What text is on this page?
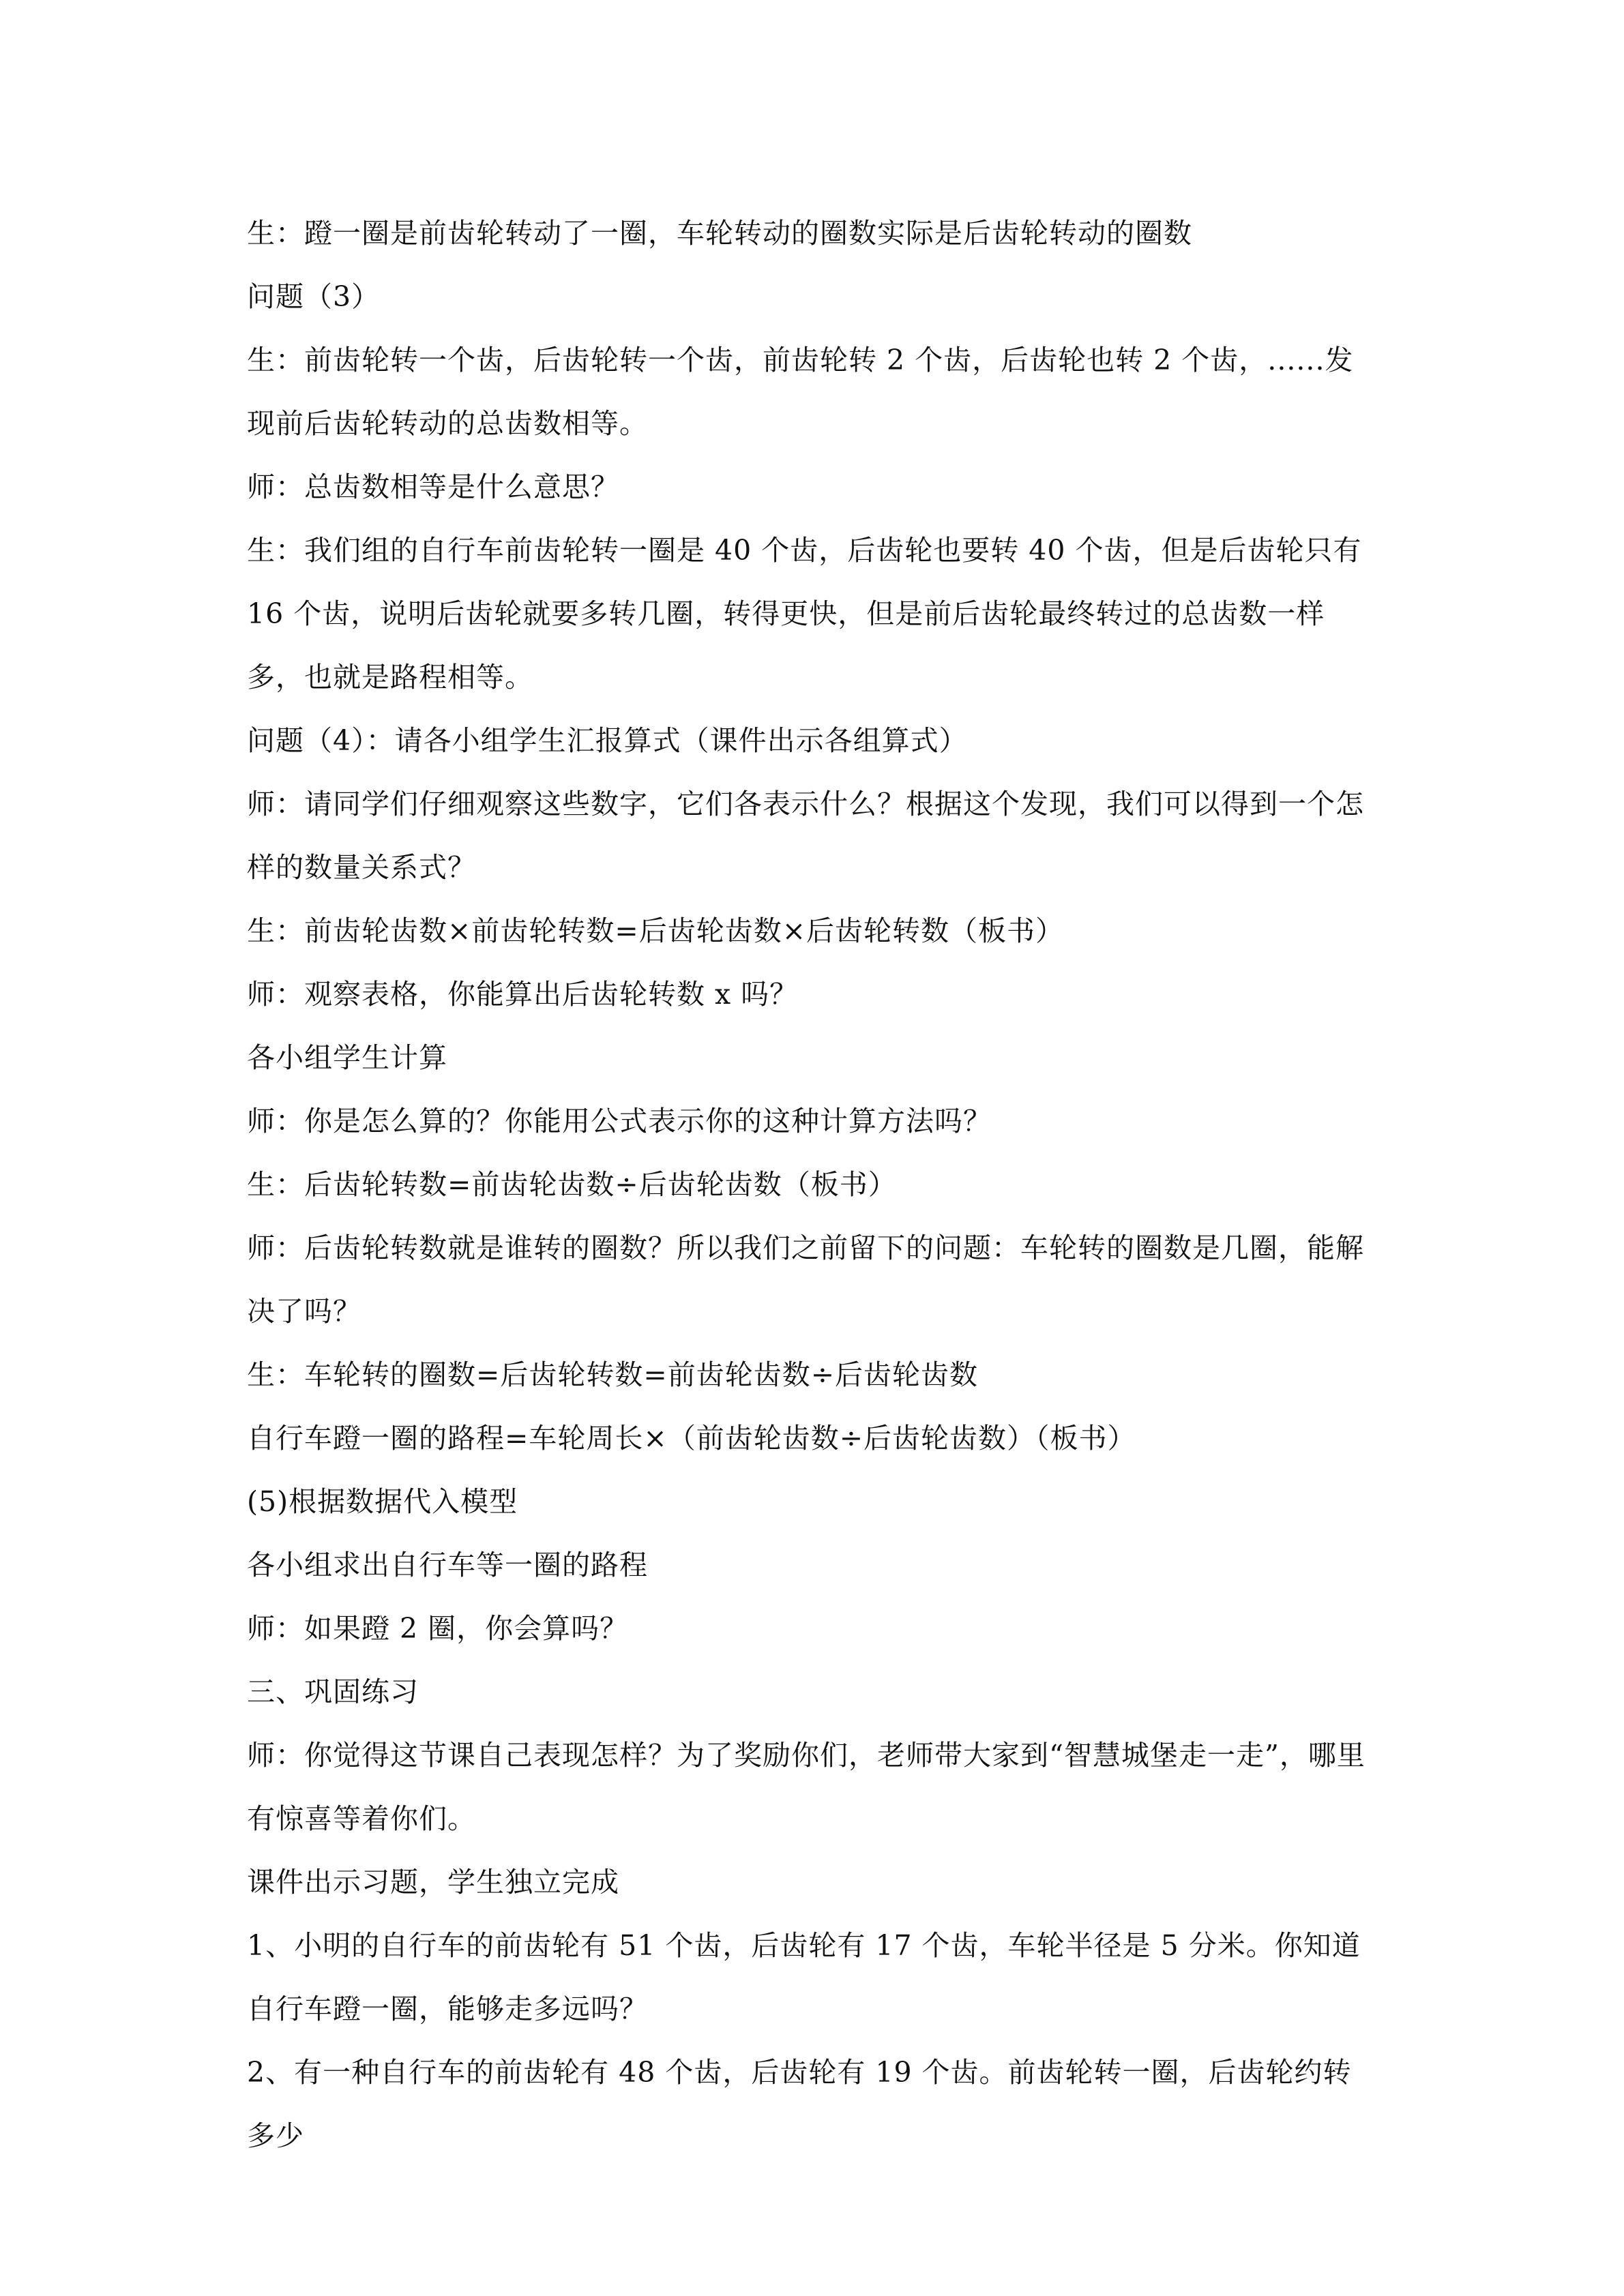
生：蹬一圈是前齿轮转动了一圈，车轮转动的圈数实际是后齿轮转动的圈数

问题（3）

生：前齿轮转一个齿，后齿轮转一个齿，前齿轮转 2 个齿，后齿轮也转 2 个齿，......发现前后齿轮转动的总齿数相等。

师：总齿数相等是什么意思？

生：我们组的自行车前齿轮转一圈是 40 个齿，后齿轮也要转 40 个齿，但是后齿轮只有 16 个齿，说明后齿轮就要多转几圈，转得更快，但是前后齿轮最终转过的总齿数一样多，也就是路程相等。

问题（4）：请各小组学生汇报算式（课件出示各组算式）

师：请同学们仔细观察这些数字，它们各表示什么？根据这个发现，我们可以得到一个怎样的数量关系式？

生：前齿轮齿数×前齿轮转数=后齿轮齿数×后齿轮转数（板书）

师：观察表格，你能算出后齿轮转数 x 吗？

各小组学生计算

师：你是怎么算的？你能用公式表示你的这种计算方法吗？

生：后齿轮转数=前齿轮齿数÷后齿轮齿数（板书）

师：后齿轮转数就是谁转的圈数？所以我们之前留下的问题：车轮转的圈数是几圈，能解决了吗？

生：车轮转的圈数=后齿轮转数=前齿轮齿数÷后齿轮齿数

自行车蹬一圈的路程=车轮周长×（前齿轮齿数÷后齿轮齿数）（板书）

(5)根据数据代入模型

各小组求出自行车等一圈的路程

师：如果蹬 2 圈，你会算吗？

三、巩固练习

师：你觉得这节课自己表现怎样？为了奖励你们，老师带大家到“智慧城堡走一走”，哪里有惊喜等着你们。

课件出示习题，学生独立完成

1、小明的自行车的前齿轮有 51 个齿，后齿轮有 17 个齿，车轮半径是 5 分米。你知道自行车蹬一圈，能够走多远吗？

2、有一种自行车的前齿轮有 48 个齿，后齿轮有 19 个齿。前齿轮转一圈，后齿轮约转多少
